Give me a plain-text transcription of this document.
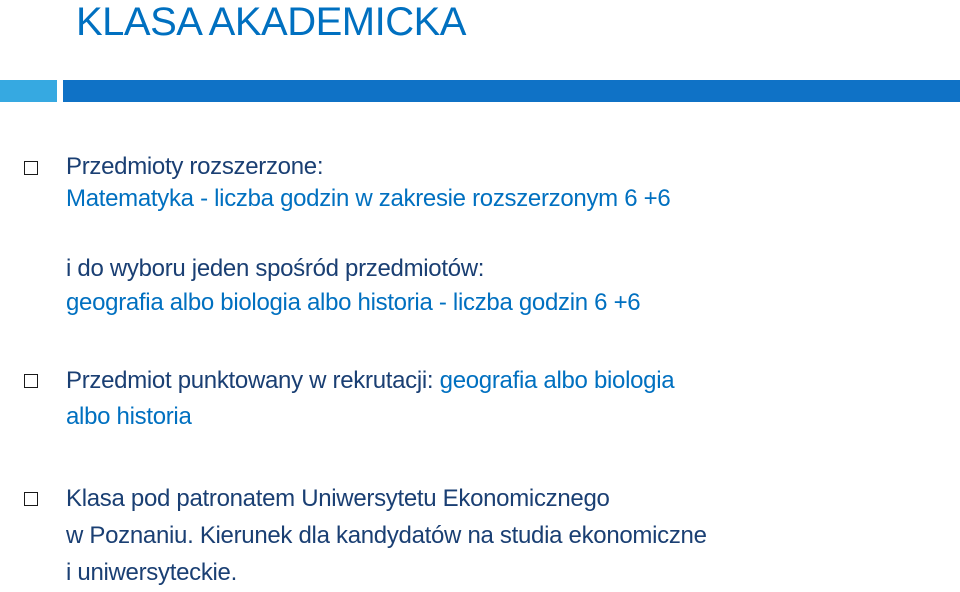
KLASA AKADEMICKA
Przedmioty rozszerzone:
Matematyka - liczba godzin w zakresie rozszerzonym 6 +6
i do wyboru jeden spośród przedmiotów:
geografia albo biologia albo historia - liczba godzin 6 +6
Przedmiot punktowany w rekrutacji: geografia albo biologia
albo historia
Klasa pod patronatem Uniwersytetu Ekonomicznego
w Poznaniu. Kierunek dla kandydatów na studia ekonomiczne
i uniwersyteckie.
